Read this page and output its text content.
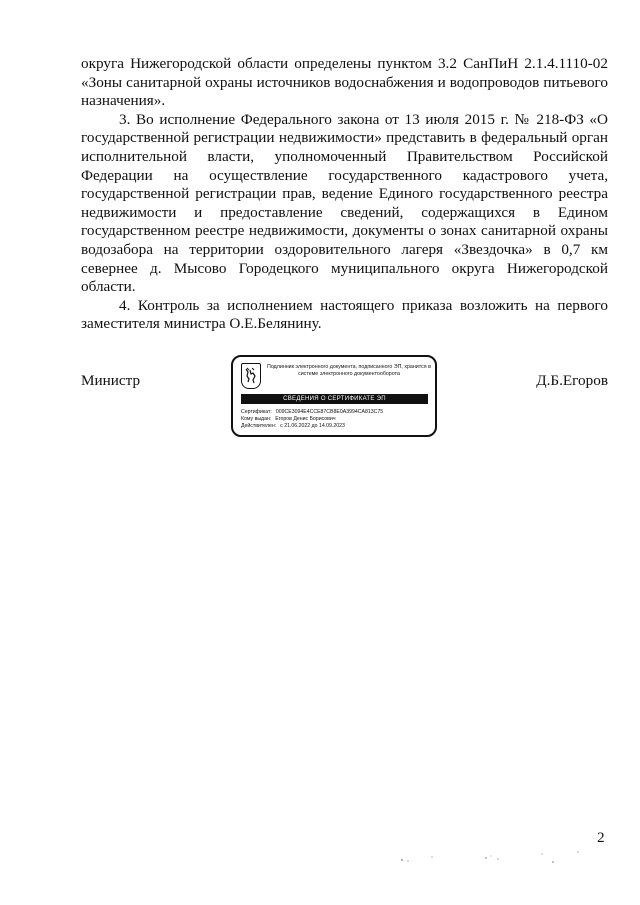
округа Нижегородской области определены пунктом 3.2 СанПиН 2.1.4.1110-02 «Зоны санитарной охраны источников водоснабжения и водопроводов питьевого назначения».

3. Во исполнение Федерального закона от 13 июля 2015 г. № 218-ФЗ «О государственной регистрации недвижимости» представить в федеральный орган исполнительной власти, уполномоченный Правительством Российской Федерации на осуществление государственного кадастрового учета, государственной регистрации прав, ведение Единого государственного реестра недвижимости и предоставление сведений, содержащихся в Едином государственном реестре недвижимости, документы о зонах санитарной охраны водозабора на территории оздоровительного лагеря «Звездочка» в 0,7 км севернее д. Мысово Городецкого муниципального округа Нижегородской области.

4. Контроль за исполнением настоящего приказа возложить на первого заместителя министра О.Е.Белянину.

Министр
Подлинник электронного документа, подписанного ЭП, хранится в системе электронного документооборота
СВЕДЕНИЯ О СЕРТИФИКАТЕ ЭП
Сертификат: 009CE3094E4CCE87CB8E0A3994CA813C75
Кому выдан: Егоров Денис Борисович
Действителен: с 21.06.2022 до 14.09.2023
Д.Б.Егоров
2
